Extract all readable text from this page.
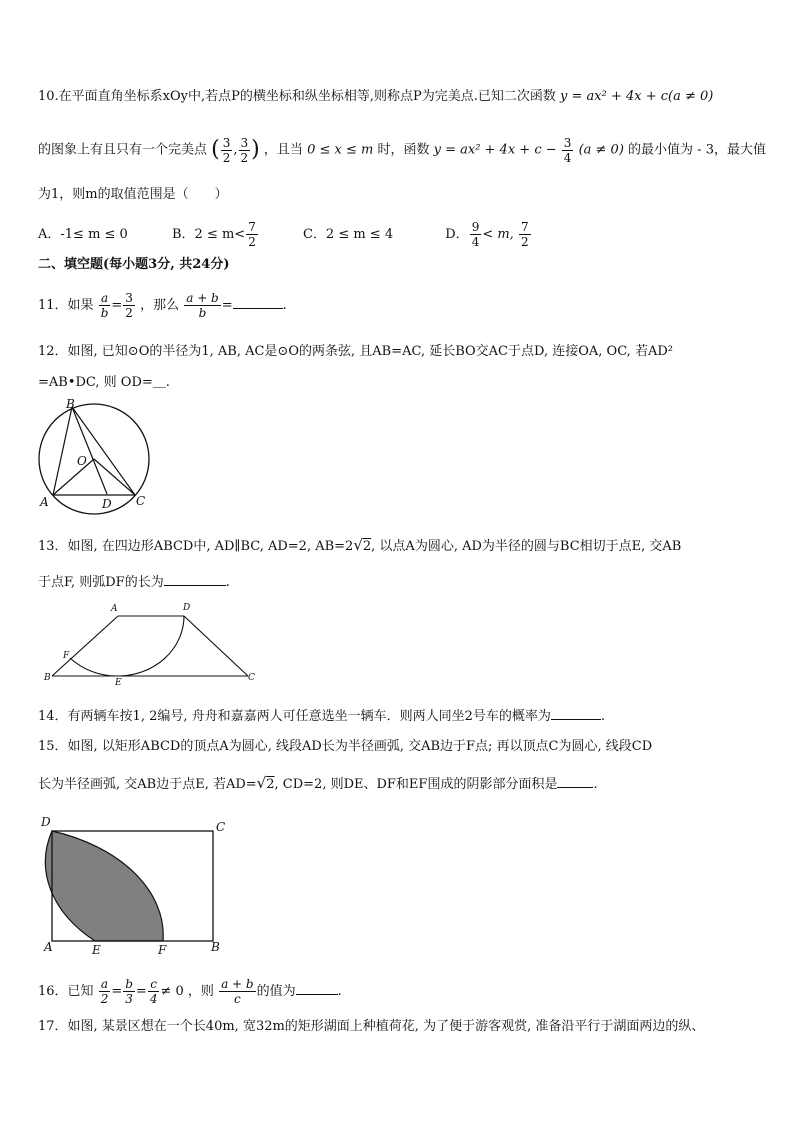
10.在平面直角坐标系xOy中,若点P的横坐标和纵坐标相等,则称点P为完美点.已知二次函数 y = ax² + 4x + c(a ≠ 0)
的图象上有且只有一个完美点 ( $\frac{3}{2}$ , $\frac{3}{2}$ ) ，且当 0 ≤ x ≤ m 时，函数 $y = ax^2 + 4x + c - \frac{3}{4} (a \ne 0)$ 的最小值为 - 3，最大值
为1，则m的取值范围是（　　）
A．-1≤ m ≤ 0	B．$2 \le m< \frac{7}{2}$	C．2 ≤ m ≤ 4	D． $\frac{9}{4} < m$, $\frac{7}{2}$
二、填空题(每小题3分, 共24分)
11．如果 $\frac{a}{b} = \frac{3}{2}$ ，那么 $\frac{a + b}{b}$ =	.
12．如图, 已知⊙O的半径为1, AB, AC是⊙O的两条弦, 且AB=AC, 延长BO交AC于点D, 连接OA, OC, 若AD²
=AB•DC, 则 OD=＿.
B
O
A	D C
13．如图, 在四边形ABCD中, AD∥BC, AD=2, AB=2√2, 以点A为圆心, AD为半径的圆与BC相切于点E, 交AB
于点F, 则弧DF的长为	.
A	D
F
B	E	C
14．有两辆车按1, 2编号, 舟舟和嘉嘉两人可任意选坐一辆车．则两人同坐2号车的概率为	.
15．如图, 以矩形ABCD的顶点A为圆心, 线段AD长为半径画弧, 交AB边于F点; 再以顶点C为圆心, 线段CD
长为半径画弧, 交AB边于点E, 若AD=√2, CD=2, 则DE、DF和EF围成的阴影部分面积是	.
D	C
A	E	F	B
16．已知 $\frac{a}{2} = \frac{b}{3} = \frac{c}{4} \ne 0$ ，则 $\frac{a + b}{c}$ 的值为	.
17．如图, 某景区想在一个长40m, 宽32m的矩形湖面上种植荷花, 为了便于游客观赏, 准备沿平行于湖面两边的纵、
